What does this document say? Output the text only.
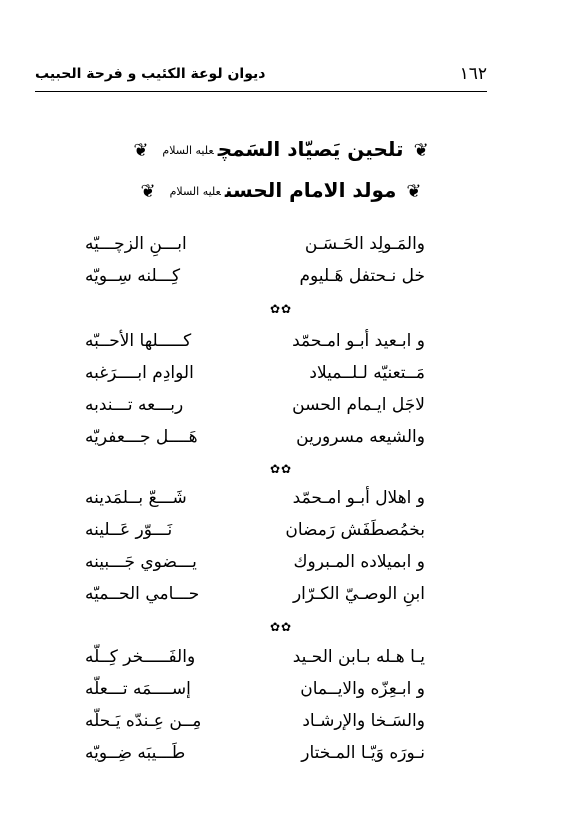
١٦٢
ديوان لوعة الكئيب و فرحة الحبيب
❦تلحين يَصيّاد السَمچعليه السلام❦
❦مولد الامام الحسنعليه السلام❦
والمَـولِد الحَـسَـن
ابـــنِ الزچـــيّه
خل نـحتفل هَـليوم
كِـــلنه سِــويّه
✿✿
و ابـعيد أبـو امـحمّد
كـــــلها الأحــبّه
مَــتعنيّه لـلــميلاد
الوادِم ابــــرَغبه
لاجَل ايـمام الحسن
ربـــعه تـــندبه
والشيعه مسرورين
هَــــل جـــعفريّه
✿✿
و اهلال أبـو امـحمّد
شَـــعّ بــلمَدينه
بخمُصطَفَش رَمضان
نَـــوّر عَــلينه
و ابميلاده المـبروك
يـــضوي جَـــبينه
ابنِ الوصـيّ الكـرّار
حـــامي الحــميّه
✿✿
يـا هـله بـابن الحـيد
والفَـــــخر كِــلّه
و ابـعِزّه والايــمان
إســــمَه تـــعلّه
والسَـخا والإرشـاد
مِــن عِـندّه يَـحلّه
نـورَه وَيّـا المـختار
طَـــيبَه ضِــويّه
